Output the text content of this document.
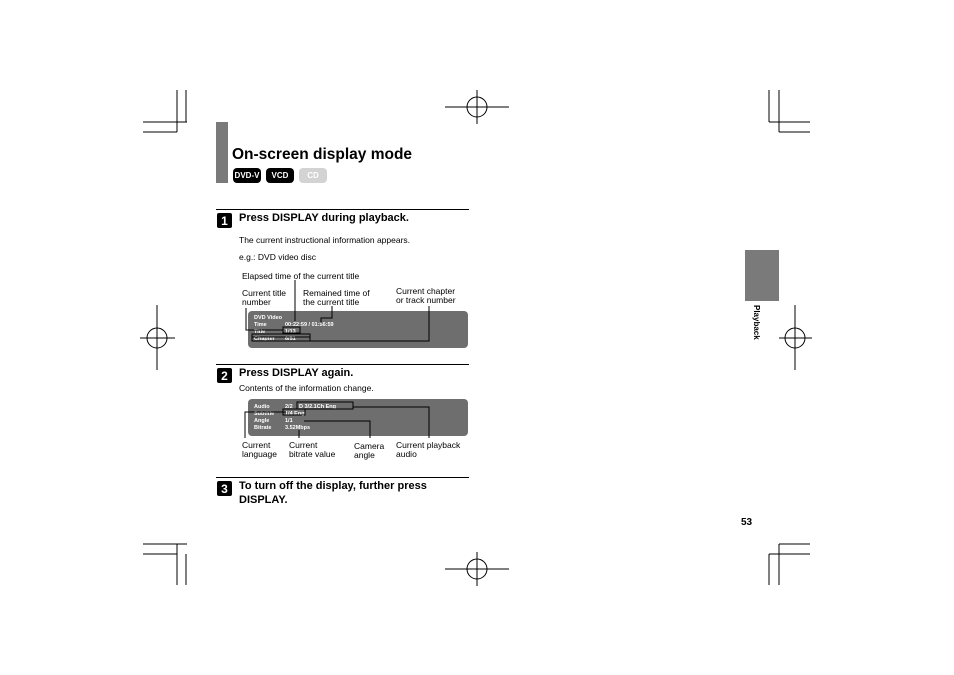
On-screen display mode
DVD-V	VCD	CD
1	Press DISPLAY during playback.
The current instructional information appears.
e.g.: DVD video disc
Elapsed time of the current title
Current title
number
Remained time of
the current title
Current chapter
or track number
DVD Video
Time	00:22:59 / 01:56:59
Title	1/13
Chapter 6/51
2	Press DISPLAY again.
Contents of the information change.
Audio	2/2 D 3/2.1Ch Eng
Subtitle 1/4 Eng
Angle	1/1
Bitrate 3.52Mbps
Current
language
Current
bitrate value
Camera
angle
Current playback
audio
3	To turn off the display, further press
DISPLAY.
Playback
53
